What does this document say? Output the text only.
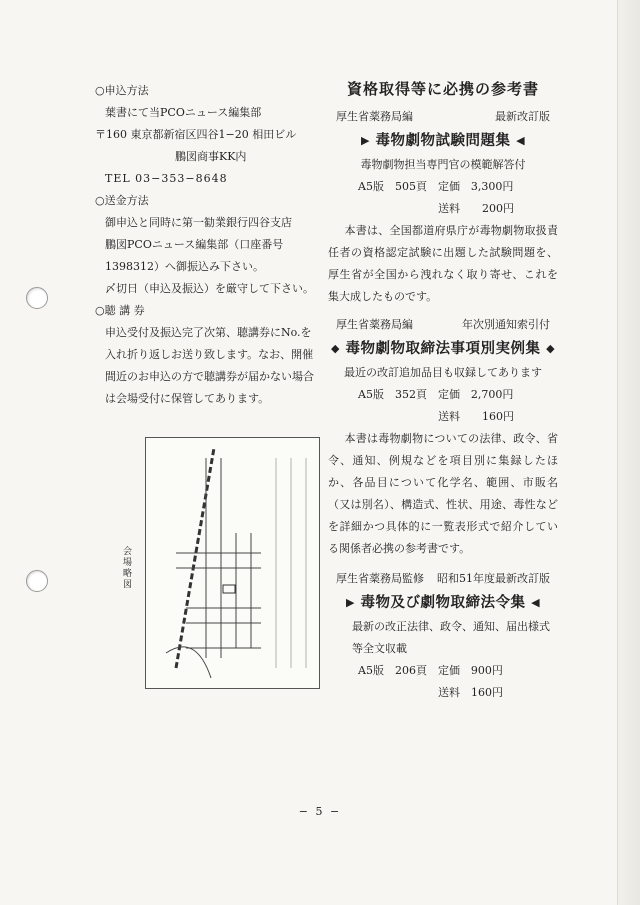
○申込方法
葉書にて当PCOニュース編集部
〒160 東京都新宿区四谷1−20 相田ビル
鵬図商事KK内
TEL 03−353−8648
○送金方法
御申込と同時に第一勧業銀行四谷支店
鵬図PCOニュース編集部（口座番号
1398312）へ御振込み下さい。
〆切日（申込及振込）を厳守して下さい。
○聴 講 券
申込受付及振込完了次第、聴講券にNo.を
入れ折り返しお送り致します。なお、開催
間近のお申込の方で聴講券が届かない場合
は会場受付に保管してあります。
会場略図
資格取得等に必携の参考書
厚生省薬務局編	最新改訂版
▶ 毒物劇物試験問題集 ◀
毒物劇物担当専門官の模範解答付
A5版　505頁　定価　3,300円
送料　　200円
本書は、全国都道府県庁が毒物劇物取扱責任者の資格認定試験に出題した試験問題を、厚生省が全国から洩れなく取り寄せ、これを集大成したものです。
厚生省薬務局編	年次別通知索引付
◆ 毒物劇物取締法事項別実例集 ◆
最近の改訂追加品目も収録してあります
A5版　352頁　定価　2,700円
送料　　160円
本書は毒物劇物についての法律、政令、省令、通知、例規などを項目別に集録したほか、各品目について化学名、範囲、市販名（又は別名）、構造式、性状、用途、毒性などを詳細かつ具体的に一覧表形式で紹介している関係者必携の参考書です。
厚生省薬務局監修 昭和51年度最新改訂版
▶ 毒物及び劇物取締法令集 ◀
最新の改正法律、政令、通知、届出様式
等全文収載
A5版　206頁　定価　900円
送料　160円
− 5 −
